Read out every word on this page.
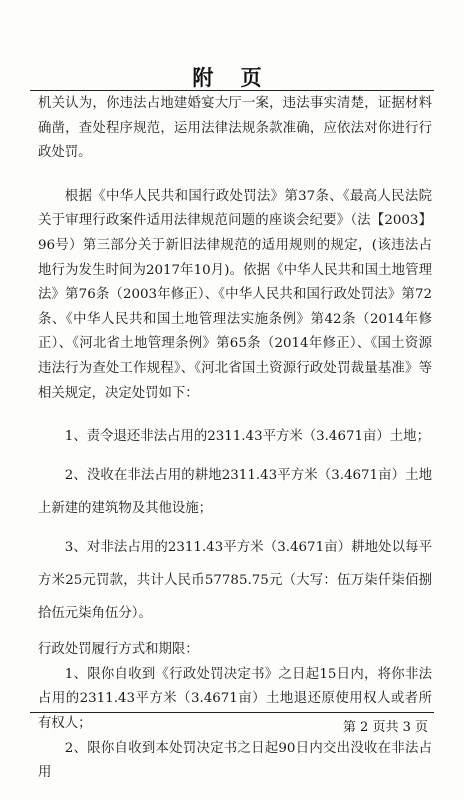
附 页

机关认为，你违法占地建婚宴大厅一案，违法事实清楚，证据材料确凿，查处程序规范，运用法律法规条款准确，应依法对你进行行政处罚。

根据《中华人民共和国行政处罚法》第37条、《最高人民法院关于审理行政案件适用法律规范问题的座谈会纪要》（法【2003】96号）第三部分关于新旧法律规范的适用规则的规定，(该违法占地行为发生时间为2017年10月)。依据《中华人民共和国土地管理法》第76条（2003年修正）、《中华人民共和国行政处罚法》第72条、《中华人民共和国土地管理法实施条例》第42条（2014年修正）、《河北省土地管理条例》第65条（2014年修正）、《国土资源违法行为查处工作规程》、《河北省国土资源行政处罚裁量基准》等相关规定，决定处罚如下：

1、责令退还非法占用的2311.43平方米（3.4671亩）土地；

2、没收在非法占用的耕地2311.43平方米（3.4671亩）土地上新建的建筑物及其他设施；

3、对非法占用的2311.43平方米（3.4671亩）耕地处以每平方米25元罚款，共计人民币57785.75元（大写：伍万柒仟柒佰捌拾伍元柒角伍分）。

行政处罚履行方式和期限：

1、限你自收到《行政处罚决定书》之日起15日内，将你非法占用的2311.43平方米（3.4671亩）土地退还原使用权人或者所有权人；

2、限你自收到本处罚决定书之日起90日内交出没收在非法占用

第 2 页共 3 页
